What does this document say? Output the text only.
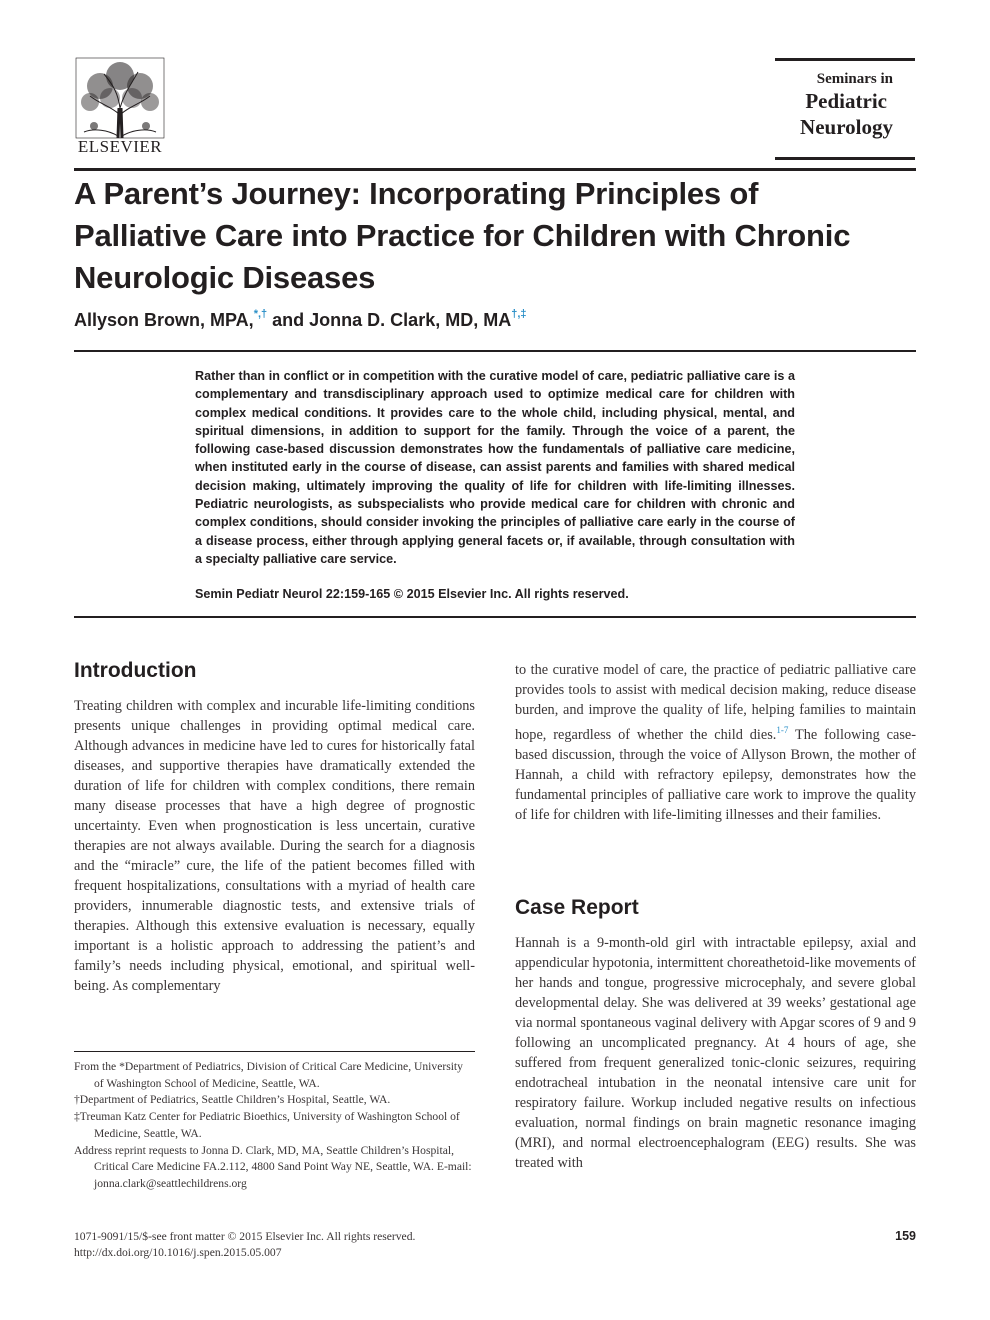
ELSEVIER
Seminars in
Pediatric
Neurology
A Parent’s Journey: Incorporating Principles of Palliative Care into Practice for Children with Chronic Neurologic Diseases
Allyson Brown, MPA,*,† and Jonna D. Clark, MD, MA†,‡
Rather than in conflict or in competition with the curative model of care, pediatric palliative care is a complementary and transdisciplinary approach used to optimize medical care for children with complex medical conditions. It provides care to the whole child, including physical, mental, and spiritual dimensions, in addition to support for the family. Through the voice of a parent, the following case-based discussion demonstrates how the fundamentals of palliative care medicine, when instituted early in the course of disease, can assist parents and families with shared medical decision making, ultimately improving the quality of life for children with life-limiting illnesses. Pediatric neurologists, as subspecialists who provide medical care for children with chronic and complex conditions, should consider invoking the principles of palliative care early in the course of a disease process, either through applying general facets or, if available, through consultation with a specialty palliative care service.
Semin Pediatr Neurol 22:159-165 © 2015 Elsevier Inc. All rights reserved.
Introduction
Treating children with complex and incurable life-limiting conditions presents unique challenges in providing optimal medical care. Although advances in medicine have led to cures for historically fatal diseases, and supportive therapies have dramatically extended the duration of life for children with complex conditions, there remain many disease processes that have a high degree of prognostic uncertainty. Even when prognostication is less uncertain, curative therapies are not always available. During the search for a diagnosis and the “miracle” cure, the life of the patient becomes filled with frequent hospitalizations, consultations with a myriad of health care providers, innumerable diagnostic tests, and extensive trials of therapies. Although this extensive evaluation is necessary, equally important is a holistic approach to addressing the patient’s and family’s needs including physical, emotional, and spiritual well-being. As complementary
to the curative model of care, the practice of pediatric palliative care provides tools to assist with medical decision making, reduce disease burden, and improve the quality of life, helping families to maintain hope, regardless of whether the child dies.$^{1-7}$ The following case-based discussion, through the voice of Allyson Brown, the mother of Hannah, a child with refractory epilepsy, demonstrates how the fundamental principles of palliative care work to improve the quality of life for children with life-limiting illnesses and their families.
Case Report
Hannah is a 9-month-old girl with intractable epilepsy, axial and appendicular hypotonia, intermittent choreathetoid-like movements of her hands and tongue, progressive microcephaly, and severe global developmental delay. She was delivered at 39 weeks’ gestational age via normal spontaneous vaginal delivery with Apgar scores of 9 and 9 following an uncomplicated pregnancy. At 4 hours of age, she suffered from frequent generalized tonic-clonic seizures, requiring endotracheal intubation in the neonatal intensive care unit for respiratory failure. Workup included negative results on infectious evaluation, normal findings on brain magnetic resonance imaging (MRI), and normal electroencephalogram (EEG) results. She was treated with
From the *Department of Pediatrics, Division of Critical Care Medicine, University of Washington School of Medicine, Seattle, WA.
†Department of Pediatrics, Seattle Children’s Hospital, Seattle, WA.
‡Treuman Katz Center for Pediatric Bioethics, University of Washington School of Medicine, Seattle, WA.
Address reprint requests to Jonna D. Clark, MD, MA, Seattle Children’s Hospital, Critical Care Medicine FA.2.112, 4800 Sand Point Way NE, Seattle, WA. E-mail: jonna.clark@seattlechildrens.org
1071-9091/15/$-see front matter © 2015 Elsevier Inc. All rights reserved.
http://dx.doi.org/10.1016/j.spen.2015.05.007
159
